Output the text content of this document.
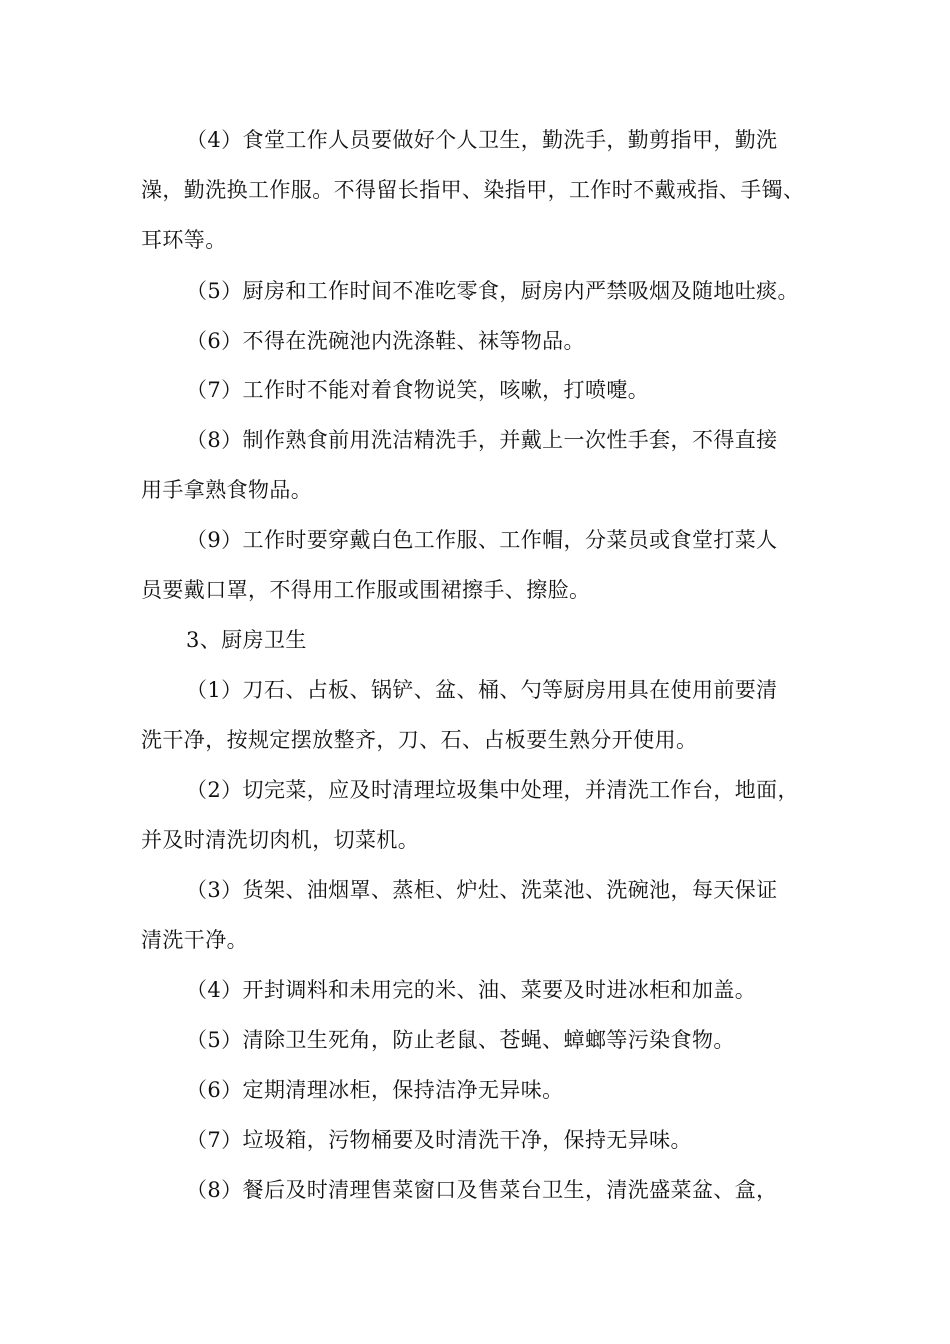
（4）食堂工作人员要做好个人卫生，勤洗手，勤剪指甲，勤洗
澡，勤洗换工作服。不得留长指甲、染指甲，工作时不戴戒指、手镯、
耳环等。
（5）厨房和工作时间不准吃零食，厨房内严禁吸烟及随地吐痰。
（6）不得在洗碗池内洗涤鞋、袜等物品。
（7）工作时不能对着食物说笑，咳嗽，打喷嚏。
（8）制作熟食前用洗洁精洗手，并戴上一次性手套，不得直接
用手拿熟食物品。
（9）工作时要穿戴白色工作服、工作帽，分菜员或食堂打菜人
员要戴口罩，不得用工作服或围裙擦手、擦脸。
3、厨房卫生
（1）刀石、占板、锅铲、盆、桶、勺等厨房用具在使用前要清
洗干净，按规定摆放整齐，刀、石、占板要生熟分开使用。
（2）切完菜，应及时清理垃圾集中处理，并清洗工作台，地面，
并及时清洗切肉机，切菜机。
（3）货架、油烟罩、蒸柜、炉灶、洗菜池、洗碗池，每天保证
清洗干净。
（4）开封调料和未用完的米、油、菜要及时进冰柜和加盖。
（5）清除卫生死角，防止老鼠、苍蝇、蟑螂等污染食物。
（6）定期清理冰柜，保持洁净无异味。
（7）垃圾箱，污物桶要及时清洗干净，保持无异味。
（8）餐后及时清理售菜窗口及售菜台卫生，清洗盛菜盆、盒，
